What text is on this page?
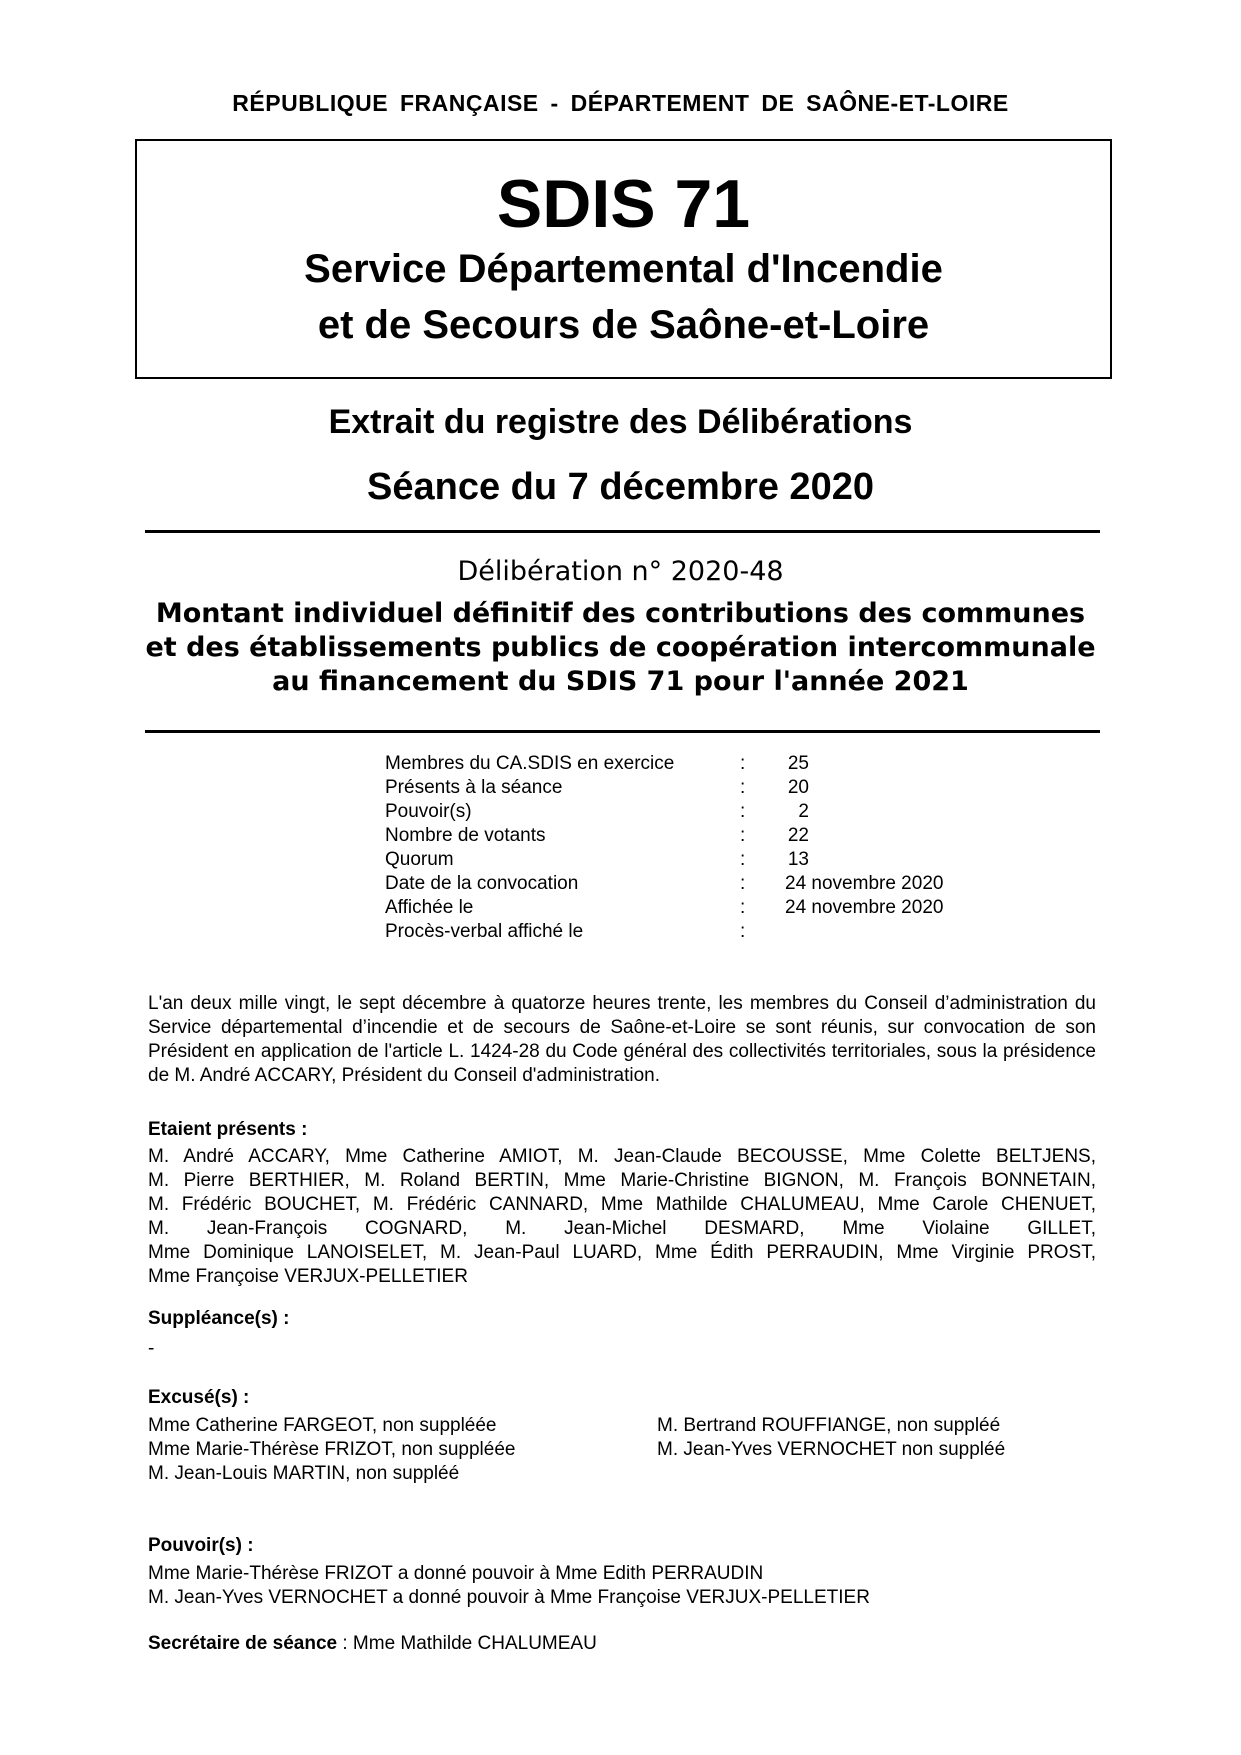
RÉPUBLIQUE FRANÇAISE - DÉPARTEMENT DE SAÔNE-ET-LOIRE
SDIS 71
Service Départemental d'Incendie
et de Secours de Saône-et-Loire
Extrait du registre des Délibérations
Séance du 7 décembre 2020
Délibération n° 2020-48
Montant individuel définitif des contributions des communes
et des établissements publics de coopération intercommunale
au financement du SDIS 71 pour l'année 2021
Membres du CA.SDIS en exercice	: 25
Présents à la séance	: 20
Pouvoir(s)	:	2
Nombre de votants	: 22
Quorum	: 13
Date de la convocation	: 24 novembre 2020
Affichée le	: 24 novembre 2020
Procès-verbal affiché le	:
L'an deux mille vingt, le sept décembre à quatorze heures trente, les membres du Conseil d’administration du Service départemental d’incendie et de secours de Saône-et-Loire se sont réunis, sur convocation de son Président en application de l'article L. 1424-28 du Code général des collectivités territoriales, sous la présidence de M. André ACCARY, Président du Conseil d'administration.
Etaient présents :
M. André ACCARY, Mme Catherine AMIOT, M. Jean-Claude BECOUSSE, Mme Colette BELTJENS,
M. Pierre BERTHIER, M. Roland BERTIN, Mme Marie-Christine BIGNON, M. François BONNETAIN,
M. Frédéric BOUCHET, M. Frédéric CANNARD, Mme Mathilde CHALUMEAU, Mme Carole CHENUET,
M. Jean-François COGNARD, M. Jean-Michel DESMARD, Mme Violaine GILLET,
Mme Dominique LANOISELET, M. Jean-Paul LUARD, Mme Édith PERRAUDIN, Mme Virginie PROST,
Mme Françoise VERJUX-PELLETIER
Suppléance(s) :
-
Excusé(s) :
Mme Catherine FARGEOT, non suppléée
Mme Marie-Thérèse FRIZOT, non suppléée
M. Jean-Louis MARTIN, non suppléé
M. Bertrand ROUFFIANGE, non suppléé
M. Jean-Yves VERNOCHET non suppléé
Pouvoir(s) :
Mme Marie-Thérèse FRIZOT a donné pouvoir à Mme Edith PERRAUDIN
M. Jean-Yves VERNOCHET a donné pouvoir à Mme Françoise VERJUX-PELLETIER
Secrétaire de séance : Mme Mathilde CHALUMEAU
